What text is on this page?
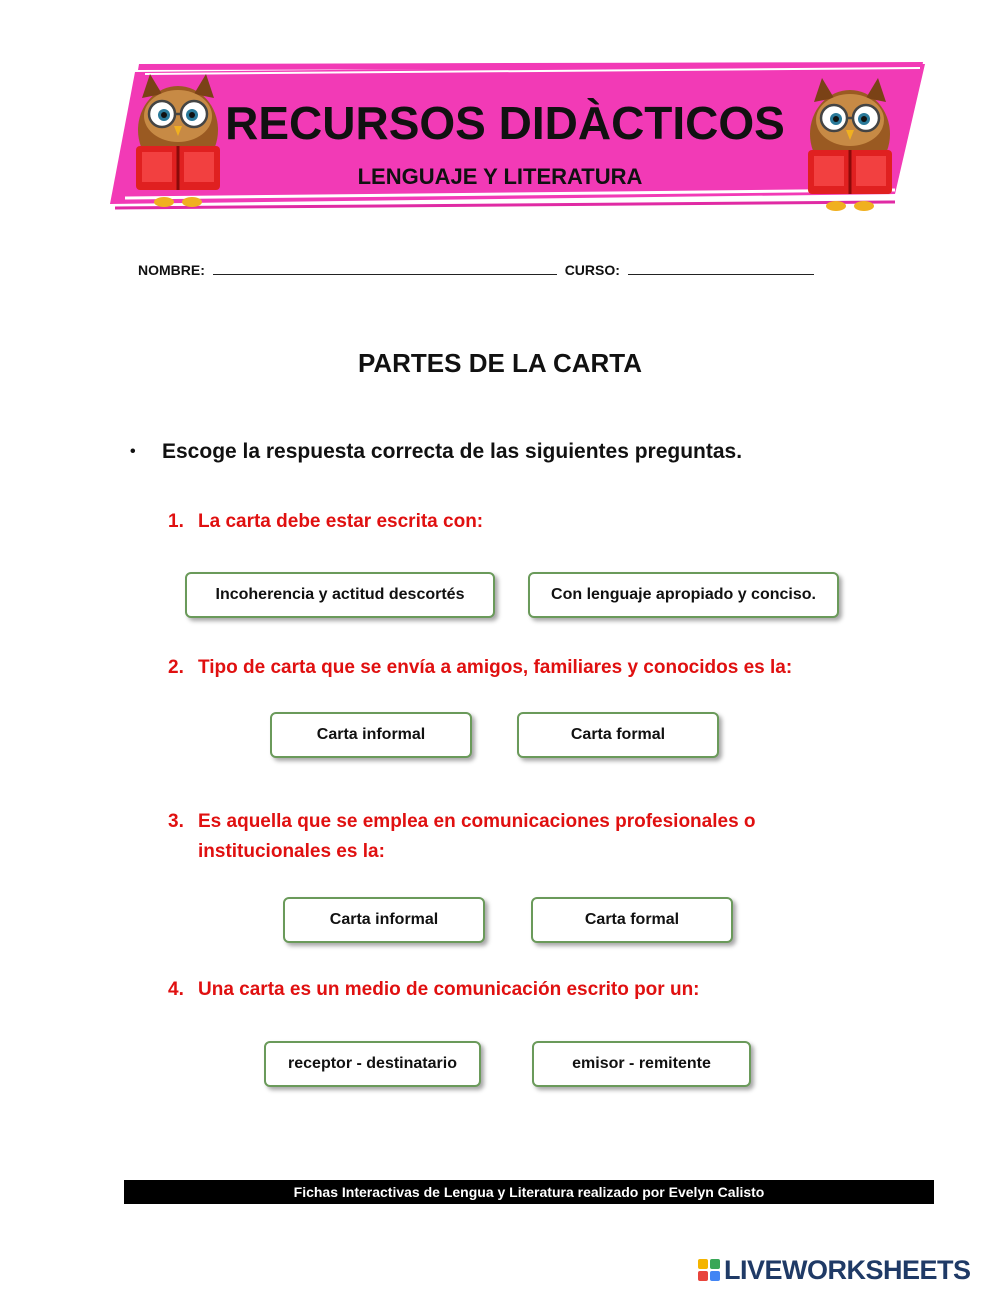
RECURSOS DIDÀCTICOS
LENGUAJE Y LITERATURA
NOMBRE:	CURSO:
PARTES DE LA CARTA
• Escoge la respuesta correcta de las siguientes preguntas.
1. La carta debe estar escrita con:
Incoherencia y actitud descortés	Con lenguaje apropiado y conciso.
2. Tipo de carta que se envía a amigos, familiares y conocidos es la:
Carta informal	Carta formal
3. Es aquella que se emplea en comunicaciones profesionales o institucionales es la:
Carta informal	Carta formal
4. Una carta es un medio de comunicación escrito por un:
receptor - destinatario	emisor - remitente
Fichas Interactivas de Lengua y Literatura realizado por Evelyn Calisto
LIVEWORKSHEETS
